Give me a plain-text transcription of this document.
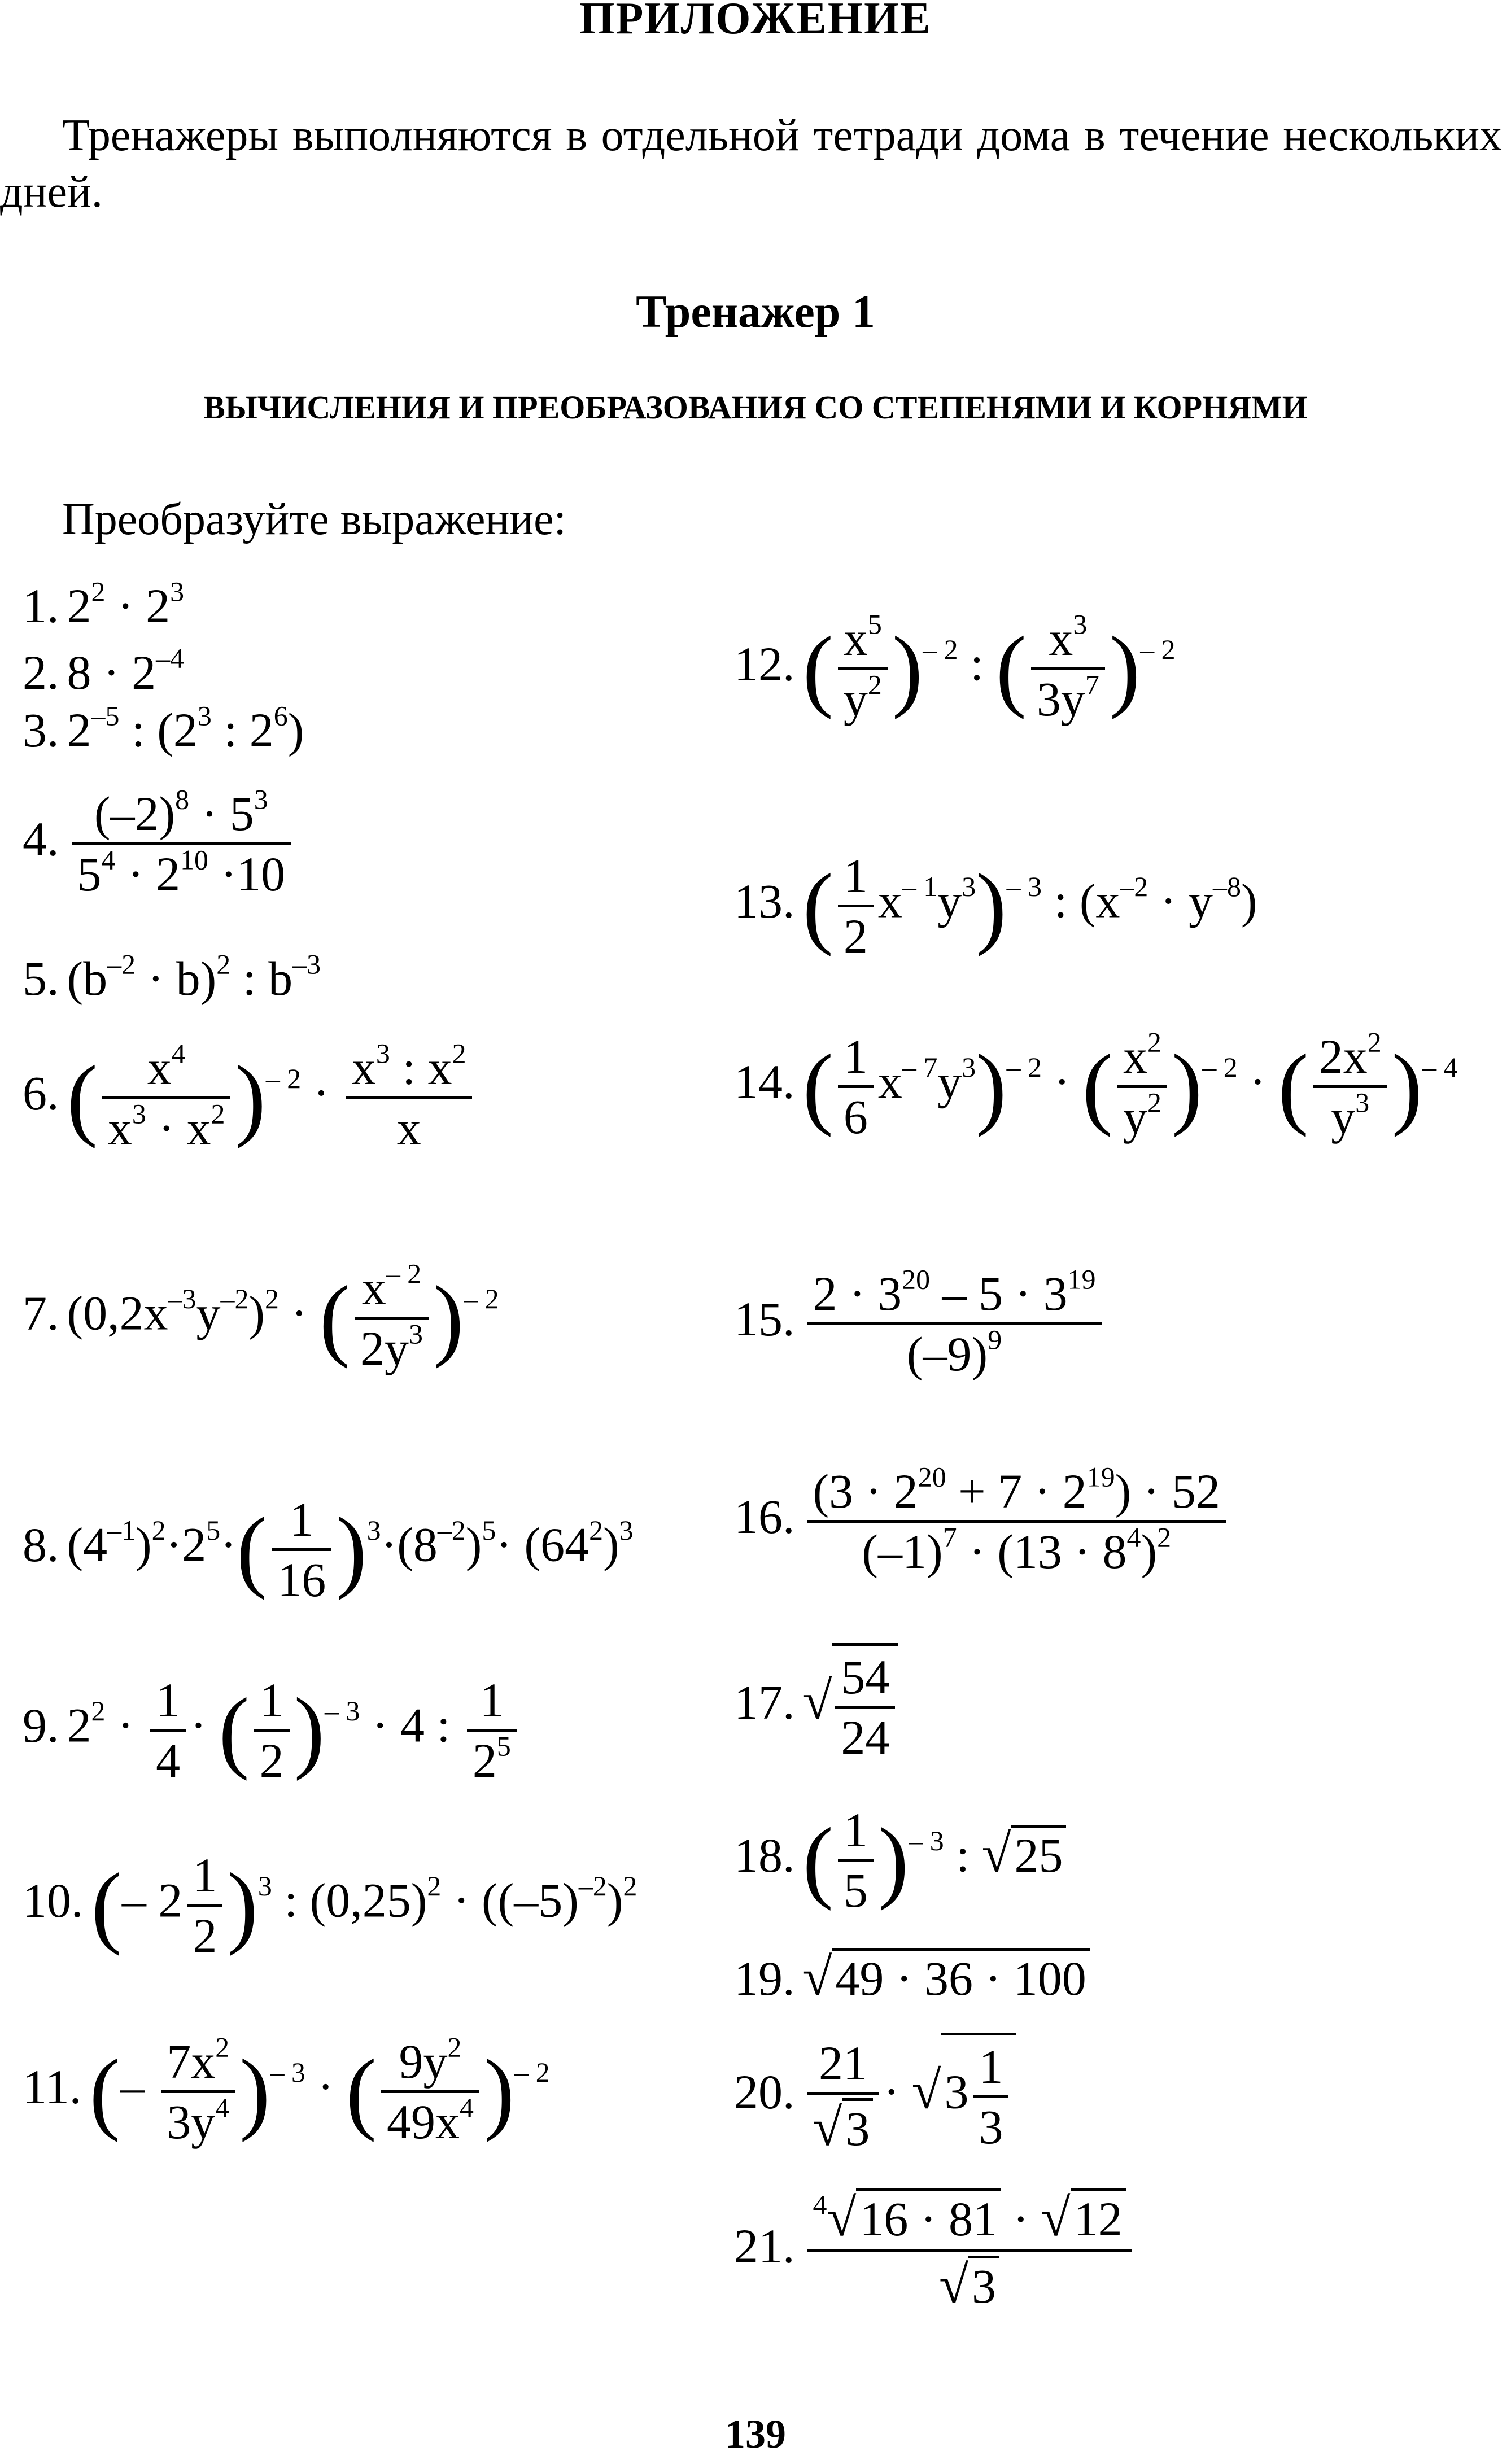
ПРИЛОЖЕНИЕ
Тренажеры выполняются в отдельной тетради дома в течение нескольких дней.
Тренажер 1
ВЫЧИСЛЕНИЯ И ПРЕОБРАЗОВАНИЯ СО СТЕПЕНЯМИ И КОРНЯМИ
Преобразуйте выражение:
1. $2^2 \cdot 2^3$
2. $8 \cdot 2^{-4}$
3. $2^{-5}$ : ($2^3$ : $2^6$)
4. $\frac{(-2)^8 \cdot 5^3}{5^4 \cdot 2^{10} \cdot 10}$
5. $(b^{-2} \cdot b)^2$ : $b^{-3}$
$6.( \frac{x^4}{x^3 \cdot x^2} )^{- 2} \cdot \frac{x^3 : x^2}{x}$
7. $(0,2x^{-3}y^{-2})^2$ · ( $\frac{x^{- 2}}{2y^3} )^{- 2}$
8. $(4^{-1})^2\cdot 2^5\cdot( \frac{1}{16} )^3\cdot(8^{-2})^5\cdot (64^2)^3$
9. $2^2 \cdot \frac{1}{4}$ · ( $\frac{1}{2} )^{- 3} \cdot 4$ : $\frac{1}{2^5}$
10.(– $2 \frac{1}{2} )^3$ : $(0,25)^2 \cdot ((-5)^{-2})^2$
$11.(- \frac{7x^2}{3y^4} )^{- 3}$ · ( $\frac{9y^2}{49x^4} )^{- 2}$
$12.( \frac{x^5}{y^2} )^{- 2}$ : ( $\frac{x^3}{3y^7} )^{- 2}$
$13.( \frac{1}{2} x^{- 1}y^3)^{- 3}$ : $(x^{-2} \cdot y^{-8})$
$14.( \frac{1}{6} x^{- 7}y^3)^{- 2}$ · ( $\frac{x^2}{y^2} )^{- 2}$ · ( $\frac{2x^2}{y^3} )^{- 4}$
15. $\frac{2 \cdot 3^{20} - 5 \cdot 3^{19}}{(-9)^9}$
16. $\frac{(3 \cdot 2^{20} + 7 \cdot 2^{19}) \cdot 52}{(-1)^7 \cdot (13 \cdot 8^4)^2}$
17. √ $\frac{54}{24}$
$18.( \frac{1}{5} )^{- 3}$ : √25
19. √49 · 36 · 100
20. $\frac{21}{√3} \cdot √3 \frac{1}{3}$
21. $\frac{^4√16 \cdot 81 \cdot √12}{√3}$
139
